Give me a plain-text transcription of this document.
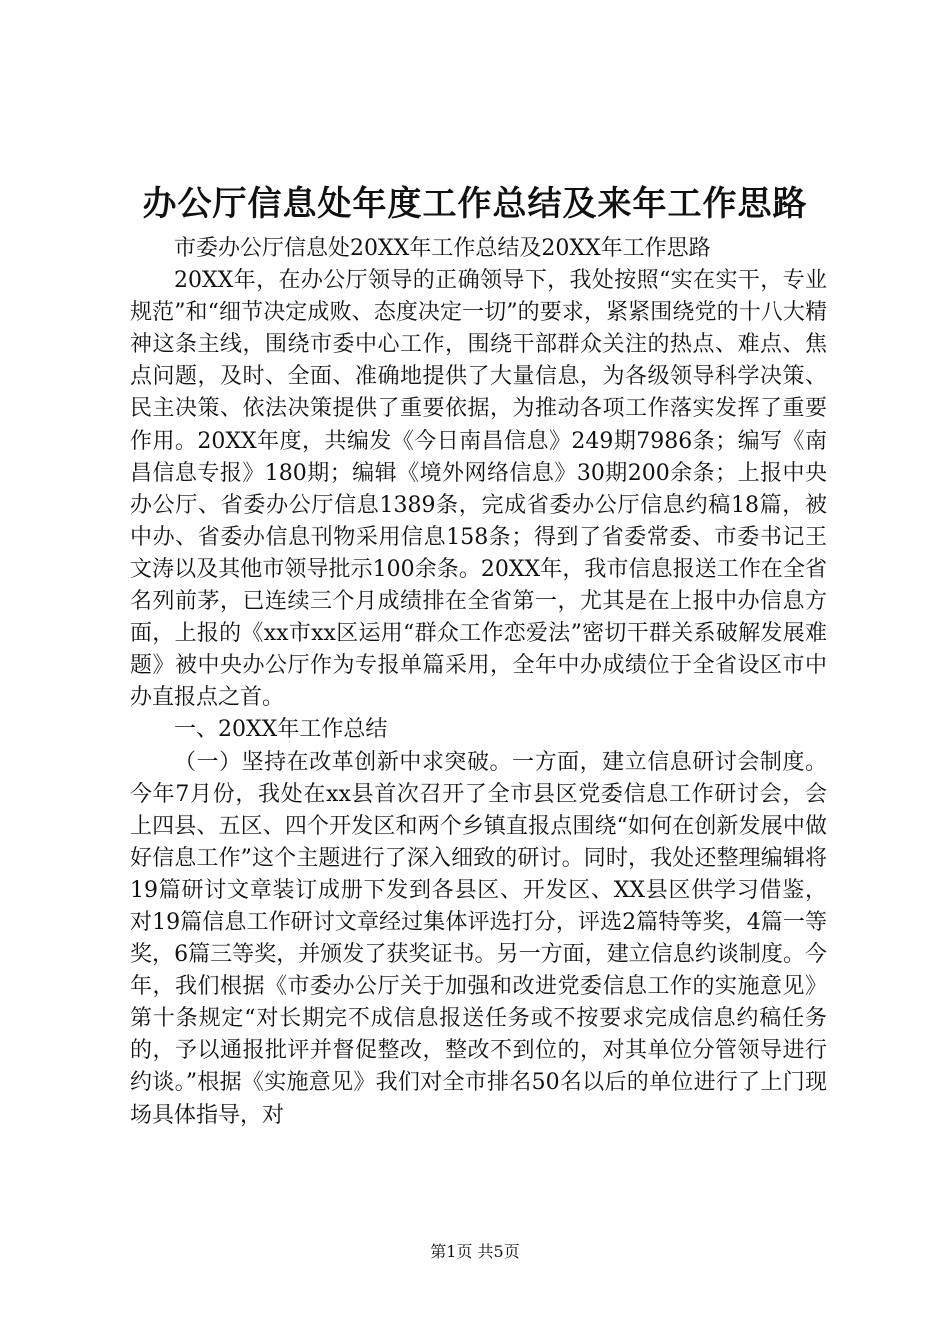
办公厅信息处年度工作总结及来年工作思路

市委办公厅信息处20XX年工作总结及20XX年工作思路

20XX年，在办公厅领导的正确领导下，我处按照“实在实干，专业规范”和“细节决定成败、态度决定一切”的要求，紧紧围绕党的十八大精神这条主线，围绕市委中心工作，围绕干部群众关注的热点、难点、焦点问题，及时、全面、准确地提供了大量信息，为各级领导科学决策、民主决策、依法决策提供了重要依据，为推动各项工作落实发挥了重要作用。20XX年度，共编发《今日南昌信息》249期7986条；编写《南昌信息专报》180期；编辑《境外网络信息》30期200余条；上报中央办公厅、省委办公厅信息1389条，完成省委办公厅信息约稿18篇，被中办、省委办信息刊物采用信息158条；得到了省委常委、市委书记王文涛以及其他市领导批示100余条。20XX年，我市信息报送工作在全省名列前茅，已连续三个月成绩排在全省第一，尤其是在上报中办信息方面，上报的《xx市xx区运用“群众工作恋爱法”密切干群关系破解发展难题》被中央办公厅作为专报单篇采用，全年中办成绩位于全省设区市中办直报点之首。

一、20XX年工作总结

（一）坚持在改革创新中求突破。一方面，建立信息研讨会制度。今年7月份，我处在xx县首次召开了全市县区党委信息工作研讨会，会上四县、五区、四个开发区和两个乡镇直报点围绕“如何在创新发展中做好信息工作”这个主题进行了深入细致的研讨。同时，我处还整理编辑将19篇研讨文章装订成册下发到各县区、开发区、XX县区供学习借鉴，对19篇信息工作研讨文章经过集体评选打分，评选2篇特等奖，4篇一等奖，6篇三等奖，并颁发了获奖证书。另一方面，建立信息约谈制度。今年，我们根据《市委办公厅关于加强和改进党委信息工作的实施意见》第十条规定“对长期完不成信息报送任务或不按要求完成信息约稿任务的，予以通报批评并督促整改，整改不到位的，对其单位分管领导进行约谈。”根据《实施意见》我们对全市排名50名以后的单位进行了上门现场具体指导，对

第1页 共5页
